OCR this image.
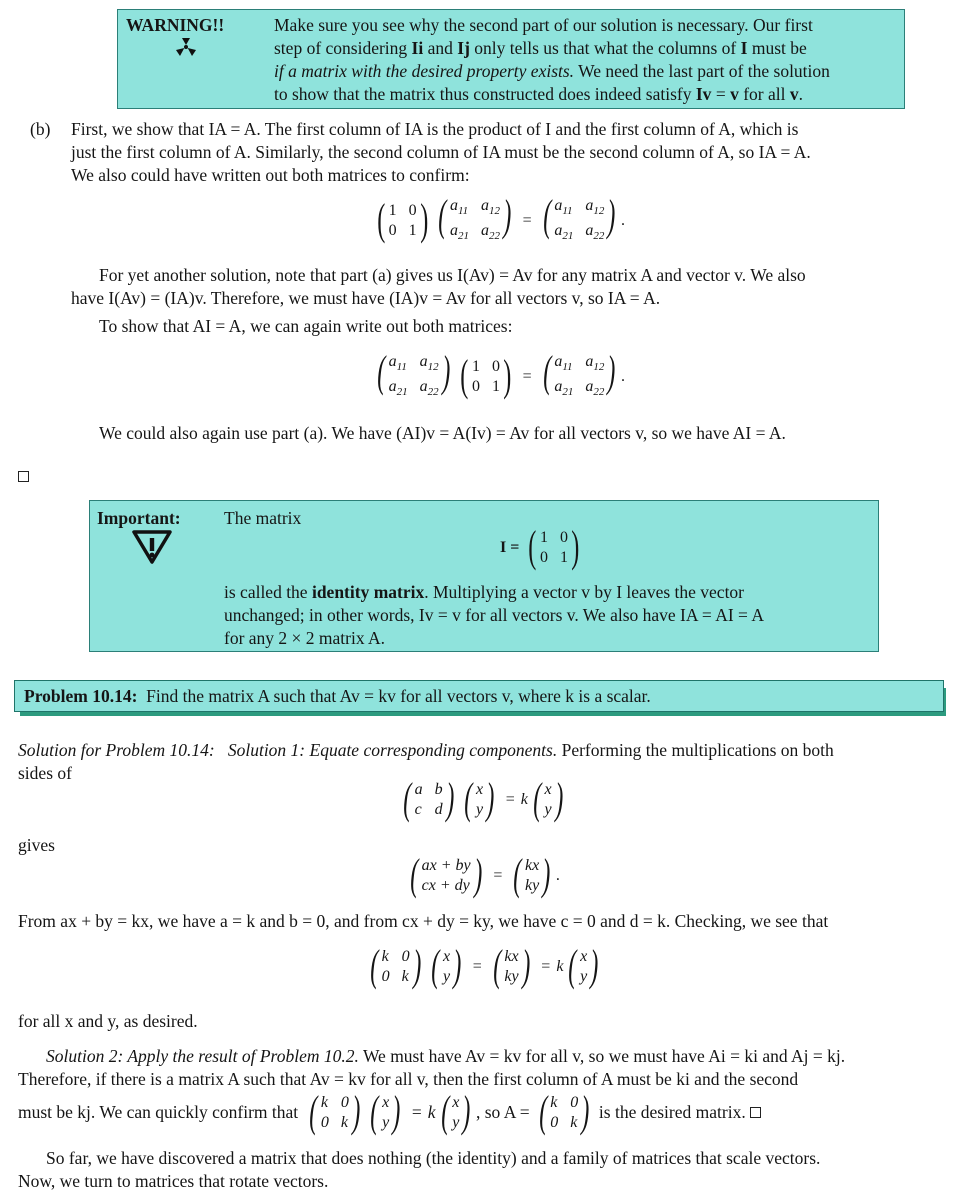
WARNING!!	Make sure you see why the second part of our solution is necessary. Our first
step of considering Ii and Ij only tells us that what the columns of I must be
if a matrix with the desired property exists. We need the last part of the solution
to show that the matrix thus constructed does indeed satisfy Iv = v for all v.
(b) First, we show that IA = A. The first column of IA is the product of I and the first column of A, which is
just the first column of A. Similarly, the second column of IA must be the second column of A, so IA = A.
We also could have written out both matrices to confirm:
( 1 0
0 1 ) ( $a_{11}$ $a_{12}$
$a_{21}$ $a_{22}$ ) = ( $a_{11}$ $a_{12}$
$a_{21}$ $a_{22}$ ) .
For yet another solution, note that part (a) gives us I(Av) = Av for any matrix A and vector v. We also
have I(Av) = (IA)v. Therefore, we must have (IA)v = Av for all vectors v, so IA = A.
To show that AI = A, we can again write out both matrices:
( $a_{11}$ $a_{12}$
$a_{21}$ $a_{22}$ ) ( 1 0
0 1 ) = ( $a_{11}$ $a_{12}$
$a_{21}$ $a_{22}$ ) .
We could also again use part (a). We have (AI)v = A(Iv) = Av for all vectors v, so we have AI = A.
Important: The matrix
I = ( 1 0
0 1 )
is called the identity matrix. Multiplying a vector v by I leaves the vector
unchanged; in other words, Iv = v for all vectors v. We also have IA = AI = A
for any 2 × 2 matrix A.
Problem 10.14: Find the matrix A such that Av = kv for all vectors v, where k is a scalar.
Solution for Problem 10.14: Solution 1: Equate corresponding components. Performing the multiplications on both
sides of
( a b
c d ) ( x
y ) = k ( x
y )
gives
( ax + by
cx + dy ) = ( kx
ky ) .
From ax + by = kx, we have a = k and b = 0, and from cx + dy = ky, we have c = 0 and d = k. Checking, we see that
( k 0
0 k ) ( x
y ) = ( kx
ky ) = k ( x
y )
for all x and y, as desired.
Solution 2: Apply the result of Problem 10.2. We must have Av = kv for all v, so we must have Ai = ki and Aj = kj.
Therefore, if there is a matrix A such that Av = kv for all v, then the first column of A must be ki and the second
must be kj. We can quickly confirm that ( k 0
0 k ) ( x
y ) = k ( x
y ) , so A = ( k 0
0 k ) is the desired matrix.

So far, we have discovered a matrix that does nothing (the identity) and a family of matrices that scale vectors.
Now, we turn to matrices that rotate vectors.
